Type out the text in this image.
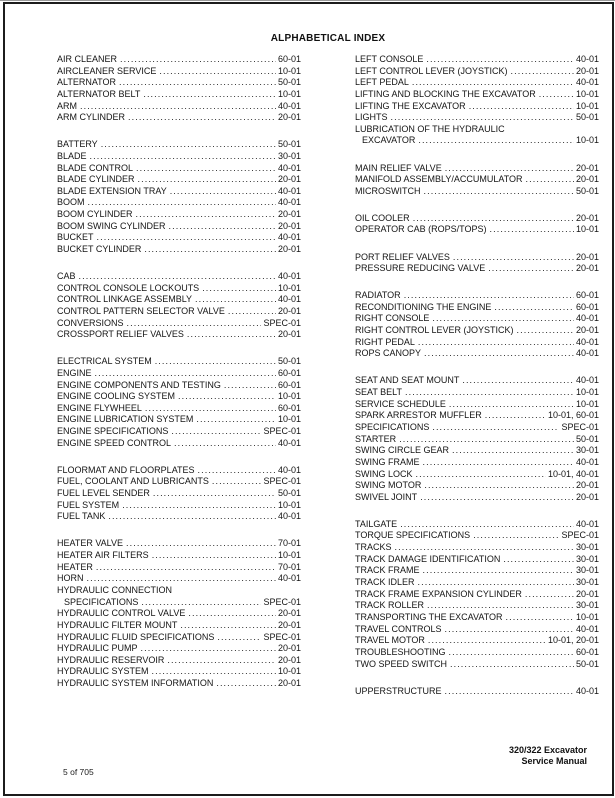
ALPHABETICAL INDEX
AIR CLEANER .....	60-01
AIRCLEANER SERVICE .....	10-01
ALTERNATOR .....	50-01
ALTERNATOR BELT .....	10-01
ARM .....	40-01
ARM CYLINDER .....	20-01
BATTERY .....	50-01
BLADE .....	30-01
BLADE CONTROL .....	40-01
BLADE CYLINDER .....	20-01
BLADE EXTENSION TRAY .....	40-01
BOOM .....	40-01
BOOM CYLINDER .....	20-01
BOOM SWING CYLINDER .....	20-01
BUCKET .....	40-01
BUCKET CYLINDER .....	20-01
CAB .....	40-01
CONTROL CONSOLE LOCKOUTS .....	10-01
CONTROL LINKAGE ASSEMBLY .....	40-01
CONTROL PATTERN SELECTOR VALVE .....	20-01
CONVERSIONS .....	SPEC-01
CROSSPORT RELIEF VALVES .....	20-01
ELECTRICAL SYSTEM .....	50-01
ENGINE .....	60-01
ENGINE COMPONENTS AND TESTING .....	60-01
ENGINE COOLING SYSTEM .....	10-01
ENGINE FLYWHEEL .....	60-01
ENGINE LUBRICATION SYSTEM .....	10-01
ENGINE SPECIFICATIONS .....	SPEC-01
ENGINE SPEED CONTROL .....	40-01
FLOORMAT AND FLOORPLATES .....	40-01
FUEL, COOLANT AND LUBRICANTS .....	SPEC-01
FUEL LEVEL SENDER .....	50-01
FUEL SYSTEM .....	10-01
FUEL TANK .....	40-01
HEATER VALVE .....	70-01
HEATER AIR FILTERS .....	10-01
HEATER .....	70-01
HORN .....	40-01
HYDRAULIC CONNECTION
SPECIFICATIONS .....	SPEC-01
HYDRAULIC CONTROL VALVE .....	20-01
HYDRAULIC FILTER MOUNT .....	20-01
HYDRAULIC FLUID SPECIFICATIONS .....	SPEC-01
HYDRAULIC PUMP .....	20-01
HYDRAULIC RESERVOIR .....	20-01
HYDRAULIC SYSTEM .....	10-01
HYDRAULIC SYSTEM INFORMATION .....	20-01
LEFT CONSOLE .....	40-01
LEFT CONTROL LEVER (JOYSTICK) .....	20-01
LEFT PEDAL .....	40-01
LIFTING AND BLOCKING THE EXCAVATOR .....	10-01
LIFTING THE EXCAVATOR .....	10-01
LIGHTS .....	50-01
LUBRICATION OF THE HYDRAULIC
EXCAVATOR .....	10-01
MAIN RELIEF VALVE .....	20-01
MANIFOLD ASSEMBLY/ACCUMULATOR .....	20-01
MICROSWITCH .....	50-01
OIL COOLER .....	20-01
OPERATOR CAB (ROPS/TOPS) .....	10-01
PORT RELIEF VALVES .....	20-01
PRESSURE REDUCING VALVE .....	20-01
RADIATOR .....	60-01
RECONDITIONING THE ENGINE .....	60-01
RIGHT CONSOLE .....	40-01
RIGHT CONTROL LEVER (JOYSTICK) .....	20-01
RIGHT PEDAL .....	40-01
ROPS CANOPY .....	40-01
SEAT AND SEAT MOUNT .....	40-01
SEAT BELT .....	10-01
SERVICE SCHEDULE .....	10-01
SPARK ARRESTOR MUFFLER .....	10-01, 60-01
SPECIFICATIONS .....	SPEC-01
STARTER .....	50-01
SWING CIRCLE GEAR .....	30-01
SWING FRAME .....	40-01
SWING LOCK .....	10-01, 40-01
SWING MOTOR .....	20-01
SWIVEL JOINT .....	20-01
TAILGATE .....	40-01
TORQUE SPECIFICATIONS .....	SPEC-01
TRACKS .....	30-01
TRACK DAMAGE IDENTIFICATION .....	30-01
TRACK FRAME .....	30-01
TRACK IDLER .....	30-01
TRACK FRAME EXPANSION CYLINDER .....	20-01
TRACK ROLLER .....	30-01
TRANSPORTING THE EXCAVATOR .....	10-01
TRAVEL CONTROLS .....	40-01
TRAVEL MOTOR .....	10-01, 20-01
TROUBLESHOOTING .....	60-01
TWO SPEED SWITCH .....	50-01
UPPERSTRUCTURE .....	40-01
5 of 705
320/322 Excavator
Service Manual
